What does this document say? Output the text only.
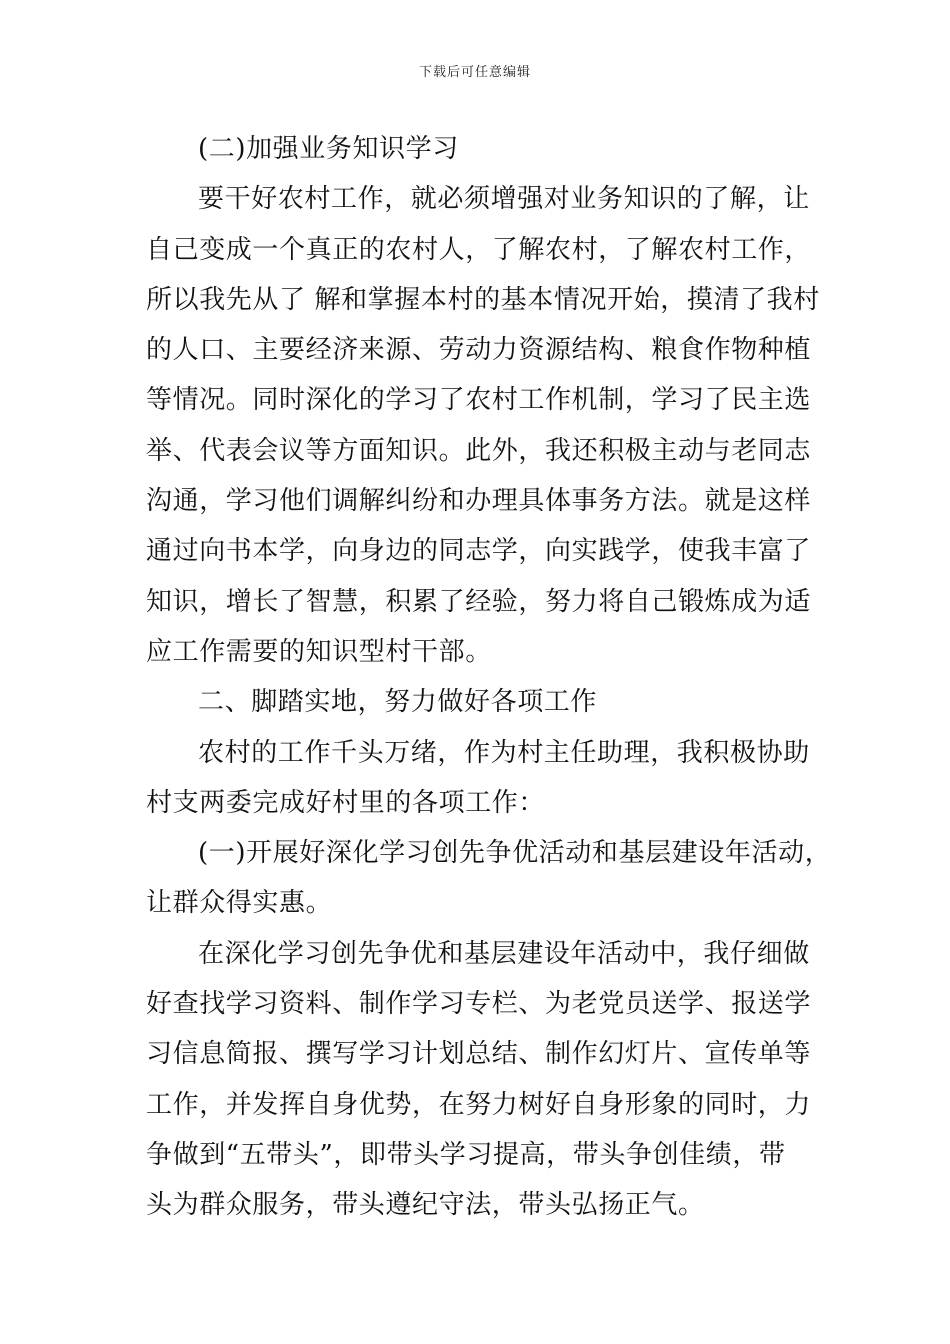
下载后可任意编辑

(二)加强业务知识学习

要干好农村工作，就必须增强对业务知识的了解，让
自己变成一个真正的农村人，了解农村，了解农村工作，
所以我先从了 解和掌握本村的基本情况开始，摸清了我村
的人口、主要经济来源、劳动力资源结构、粮食作物种植
等情况。同时深化的学习了农村工作机制，学习了民主选
举、代表会议等方面知识。此外，我还积极主动与老同志
沟通，学习他们调解纠纷和办理具体事务方法。就是这样
通过向书本学，向身边的同志学，向实践学，使我丰富了
知识，增长了智慧，积累了经验，努力将自己锻炼成为适
应工作需要的知识型村干部。

二、脚踏实地，努力做好各项工作

农村的工作千头万绪，作为村主任助理，我积极协助
村支两委完成好村里的各项工作：

(一)开展好深化学习创先争优活动和基层建设年活动，
让群众得实惠。

在深化学习创先争优和基层建设年活动中，我仔细做
好查找学习资料、制作学习专栏、为老党员送学、报送学
习信息简报、撰写学习计划总结、制作幻灯片、宣传单等
工作，并发挥自身优势，在努力树好自身形象的同时，力
争做到“五带头”，即带头学习提高，带头争创佳绩，带
头为群众服务，带头遵纪守法，带头弘扬正气。
